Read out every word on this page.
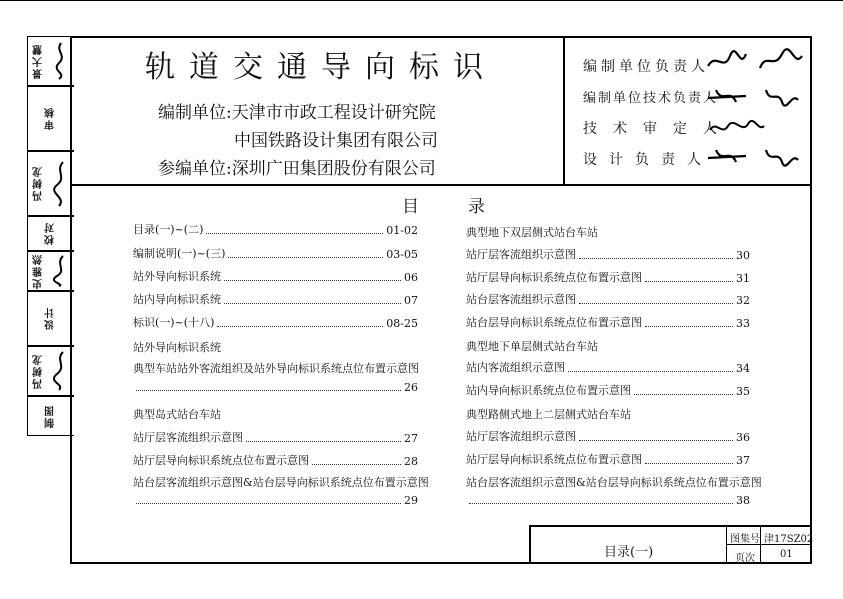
景大慧
审核
冯树龙
校对
史雅然
设计
冯树龙
制图
轨道交通导向标识
编制单位:天津市市政工程设计研究院
中国铁路设计集团有限公司
参编单位:深圳广田集团股份有限公司
编制单位负责人
编制单位技术负责人
技术审定人
设计负责人
目	录
目录(一)~(二)	01-02
编制说明(一)~(三)	03-05
站外导向标识系统	06
站内导向标识系统	07
标识(一)~(十八)	08-25
站外导向标识系统
典型车站站外客流组织及站外导向标识系统点位布置示意图
26
典型岛式站台车站
站厅层客流组织示意图	27
站厅层导向标识系统点位布置示意图	28
站台层客流组织示意图&站台层导向标识系统点位布置示意图
29
典型地下双层侧式站台车站
站厅层客流组织示意图	30
站厅层导向标识系统点位布置示意图	31
站台层客流组织示意图	32
站台层导向标识系统点位布置示意图	33
典型地下单层侧式站台车站
站内客流组织示意图	34
站内导向标识系统点位布置示意图	35
典型路侧式地上二层侧式站台车站
站厅层客流组织示意图	36
站厅层导向标识系统点位布置示意图	37
站台层客流组织示意图&站台层导向标识系统点位布置示意图
38
目录(一)
图集号 津17SZ02
页次	01
